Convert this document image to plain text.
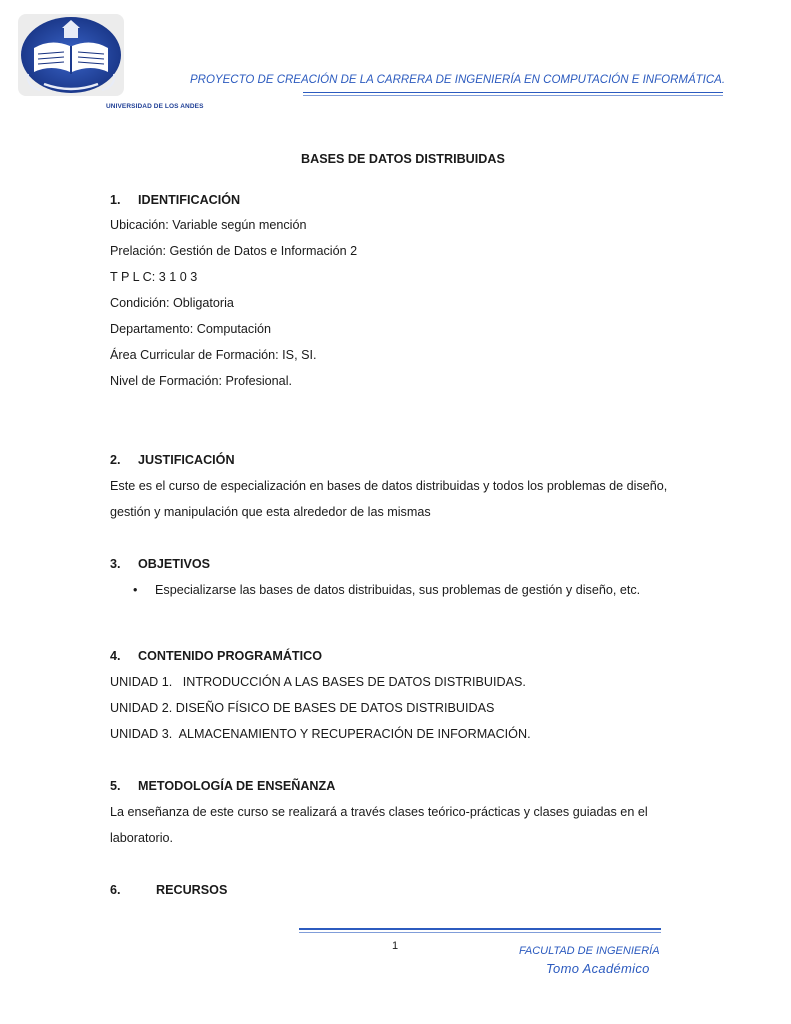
UNIVERSIDAD DE LOS ANDES
PROYECTO DE CREACIÓN DE LA CARRERA DE INGENIERÍA EN COMPUTACIÓN E INFORMÁTICA.
BASES DE DATOS DISTRIBUIDAS
1. IDENTIFICACIÓN
Ubicación: Variable según mención
Prelación: Gestión de Datos e Información 2
T P L C: 3 1 0 3
Condición: Obligatoria
Departamento: Computación
Área Curricular de Formación: IS, SI.
Nivel de Formación: Profesional.
2. JUSTIFICACIÓN
Este es el curso de especialización en bases de datos distribuidas y todos los problemas de diseño,
gestión y manipulación que esta alrededor de las mismas
3. OBJETIVOS
• Especializarse las bases de datos distribuidas, sus problemas de gestión y diseño, etc.
4. CONTENIDO PROGRAMÁTICO
UNIDAD 1.   INTRODUCCIÓN A LAS BASES DE DATOS DISTRIBUIDAS.
UNIDAD 2. DISEÑO FÍSICO DE BASES DE DATOS DISTRIBUIDAS
UNIDAD 3.  ALMACENAMIENTO Y RECUPERACIÓN DE INFORMACIÓN.
5. METODOLOGÍA DE ENSEÑANZA
La enseñanza de este curso se realizará a través clases teórico-prácticas y clases guiadas en el
laboratorio.
6.	RECURSOS
1	FACULTAD DE INGENIERÍA
Tomo Académico
